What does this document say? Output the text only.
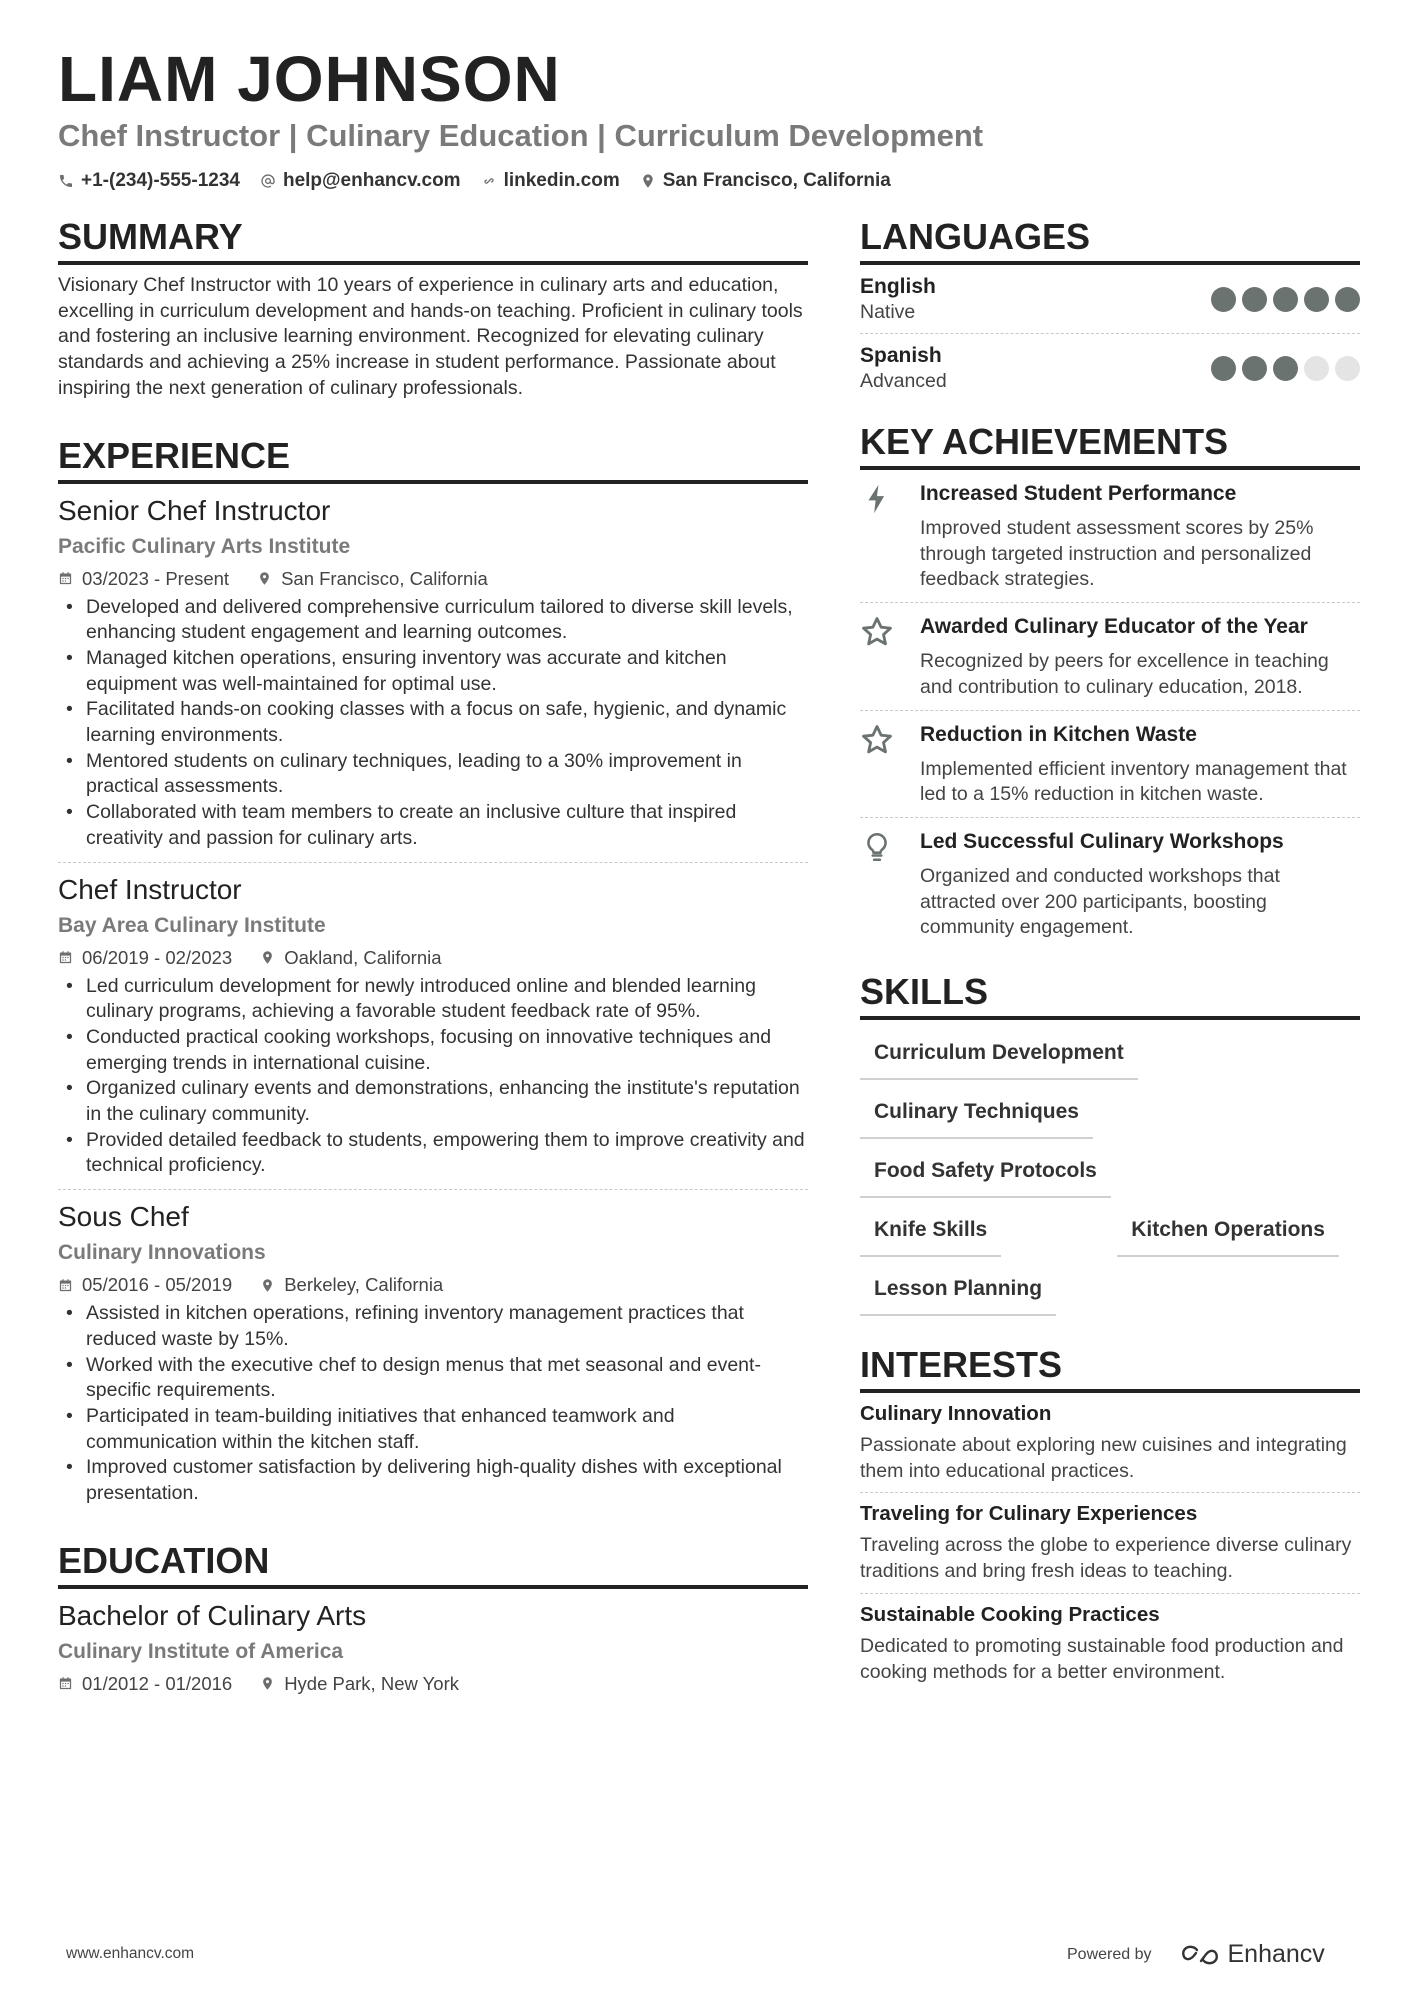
LIAM JOHNSON
Chef Instructor | Culinary Education | Curriculum Development
+1-(234)-555-1234 help@enhancv.com linkedin.com San Francisco, California
SUMMARY

Visionary Chef Instructor with 10 years of experience in culinary arts and education, excelling in curriculum development and hands-on teaching. Proficient in culinary tools and fostering an inclusive learning environment. Recognized for elevating culinary standards and achieving a 25% increase in student performance. Passionate about inspiring the next generation of culinary professionals.

EXPERIENCE
Senior Chef Instructor
Pacific Culinary Arts Institute
03/2023 - Present	San Francisco, California
• Developed and delivered comprehensive curriculum tailored to diverse skill levels, enhancing student engagement and learning outcomes.
• Managed kitchen operations, ensuring inventory was accurate and kitchen equipment was well-maintained for optimal use.
• Facilitated hands-on cooking classes with a focus on safe, hygienic, and dynamic learning environments.
• Mentored students on culinary techniques, leading to a 30% improvement in practical assessments.
• Collaborated with team members to create an inclusive culture that inspired creativity and passion for culinary arts.
Chef Instructor
Bay Area Culinary Institute
06/2019 - 02/2023	Oakland, California
• Led curriculum development for newly introduced online and blended learning culinary programs, achieving a favorable student feedback rate of 95%.
• Conducted practical cooking workshops, focusing on innovative techniques and emerging trends in international cuisine.
• Organized culinary events and demonstrations, enhancing the institute's reputation in the culinary community.
• Provided detailed feedback to students, empowering them to improve creativity and technical proficiency.
Sous Chef
Culinary Innovations
05/2016 - 05/2019	Berkeley, California
• Assisted in kitchen operations, refining inventory management practices that reduced waste by 15%.
• Worked with the executive chef to design menus that met seasonal and event-specific requirements.
• Participated in team-building initiatives that enhanced teamwork and communication within the kitchen staff.
• Improved customer satisfaction by delivering high-quality dishes with exceptional presentation.
EDUCATION
Bachelor of Culinary Arts
Culinary Institute of America
01/2012 - 01/2016	Hyde Park, New York
LANGUAGES
English
Native
Spanish
Advanced
KEY ACHIEVEMENTS
Increased Student Performance
Improved student assessment scores by 25% through targeted instruction and personalized feedback strategies.
Awarded Culinary Educator of the Year
Recognized by peers for excellence in teaching and contribution to culinary education, 2018.
Reduction in Kitchen Waste
Implemented efficient inventory management that led to a 15% reduction in kitchen waste.
Led Successful Culinary Workshops
Organized and conducted workshops that attracted over 200 participants, boosting community engagement.
SKILLS
Curriculum Development
Culinary Techniques
Food Safety Protocols
Knife Skills	Kitchen Operations
Lesson Planning
INTERESTS
Culinary Innovation
Passionate about exploring new cuisines and integrating them into educational practices.
Traveling for Culinary Experiences
Traveling across the globe to experience diverse culinary traditions and bring fresh ideas to teaching.
Sustainable Cooking Practices
Dedicated to promoting sustainable food production and cooking methods for a better environment.
www.enhancv.com	Powered by	Enhancv
